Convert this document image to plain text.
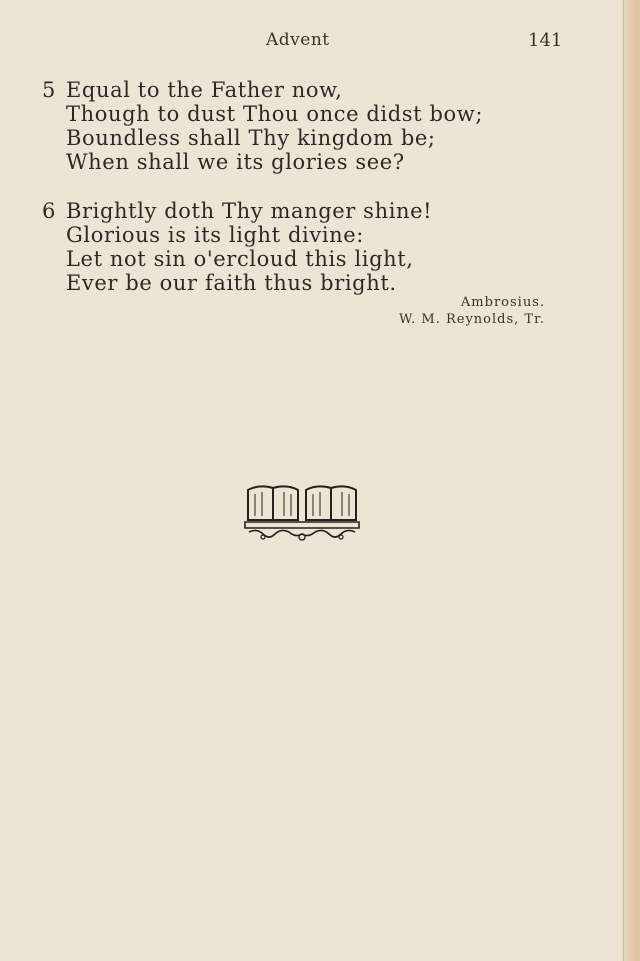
Advent	141
5 Equal to the Father now,
Though to dust Thou once didst bow;
Boundless shall Thy kingdom be;
When shall we its glories see?
6 Brightly doth Thy manger shine!
Glorious is its light divine:
Let not sin o'ercloud this light,
Ever be our faith thus bright.
Ambrosius.
W. M. Reynolds, Tr.
